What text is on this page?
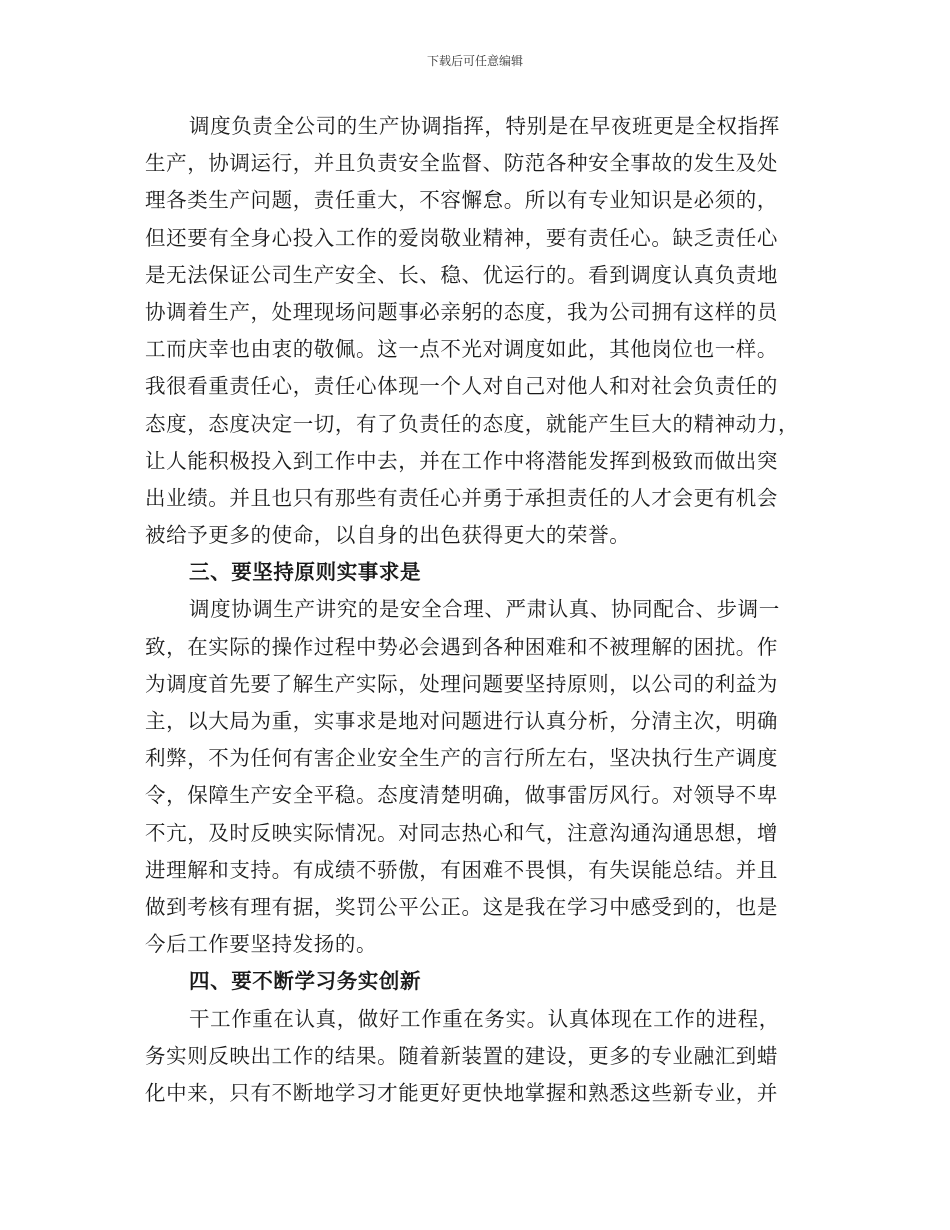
下载后可任意编辑
调度负责全公司的生产协调指挥，特别是在早夜班更是全权指挥
生产，协调运行，并且负责安全监督、防范各种安全事故的发生及处
理各类生产问题，责任重大，不容懈怠。所以有专业知识是必须的，
但还要有全身心投入工作的爱岗敬业精神，要有责任心。缺乏责任心
是无法保证公司生产安全、长、稳、优运行的。看到调度认真负责地
协调着生产，处理现场问题事必亲躬的态度，我为公司拥有这样的员
工而庆幸也由衷的敬佩。这一点不光对调度如此，其他岗位也一样。
我很看重责任心，责任心体现一个人对自己对他人和对社会负责任的
态度，态度决定一切，有了负责任的态度，就能产生巨大的精神动力，
让人能积极投入到工作中去，并在工作中将潜能发挥到极致而做出突
出业绩。并且也只有那些有责任心并勇于承担责任的人才会更有机会
被给予更多的使命，以自身的出色获得更大的荣誉。
三、要坚持原则实事求是
调度协调生产讲究的是安全合理、严肃认真、协同配合、步调一
致，在实际的操作过程中势必会遇到各种困难和不被理解的困扰。作
为调度首先要了解生产实际，处理问题要坚持原则，以公司的利益为
主，以大局为重，实事求是地对问题进行认真分析，分清主次，明确
利弊，不为任何有害企业安全生产的言行所左右，坚决执行生产调度
令，保障生产安全平稳。态度清楚明确，做事雷厉风行。对领导不卑
不亢，及时反映实际情况。对同志热心和气，注意沟通沟通思想，增
进理解和支持。有成绩不骄傲，有困难不畏惧，有失误能总结。并且
做到考核有理有据，奖罚公平公正。这是我在学习中感受到的，也是
今后工作要坚持发扬的。
四、要不断学习务实创新
干工作重在认真，做好工作重在务实。认真体现在工作的进程，
务实则反映出工作的结果。随着新装置的建设，更多的专业融汇到蜡
化中来，只有不断地学习才能更好更快地掌握和熟悉这些新专业，并
